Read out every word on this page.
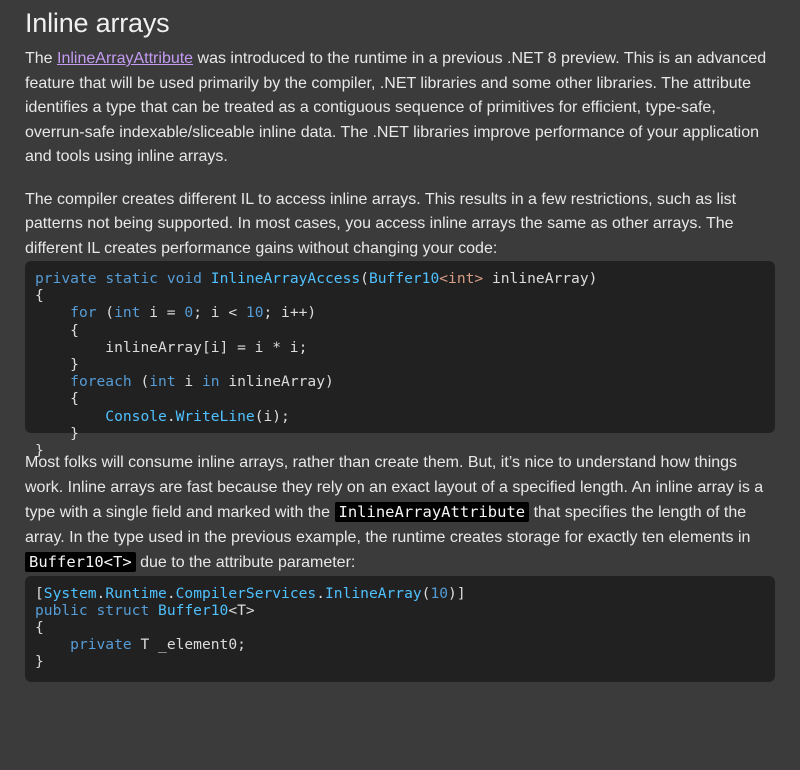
Inline arrays

The InlineArrayAttribute was introduced to the runtime in a previous .NET 8 preview. This is an advanced feature that will be used primarily by the compiler, .NET libraries and some other libraries. The attribute identifies a type that can be treated as a contiguous sequence of primitives for efficient, type-safe, overrun-safe indexable/sliceable inline data. The .NET libraries improve performance of your application and tools using inline arrays.

The compiler creates different IL to access inline arrays. This results in a few restrictions, such as list patterns not being supported. In most cases, you access inline arrays the same as other arrays. The different IL creates performance gains without changing your code:

private static void InlineArrayAccess(Buffer10<int> inlineArray)
{
for (int i = 0; i < 10; i++)
{
inlineArray[i] = i * i;
}
foreach (int i in inlineArray)
{
Console.WriteLine(i);
}
}

Most folks will consume inline arrays, rather than create them. But, it’s nice to understand how things work. Inline arrays are fast because they rely on an exact layout of a specified length. An inline array is a type with a single field and marked with the InlineArrayAttribute that specifies the length of the array. In the type used in the previous example, the runtime creates storage for exactly ten elements in Buffer10<T> due to the attribute parameter:

[System.Runtime.CompilerServices.InlineArray(10)]
public struct Buffer10<T>
{
private T _element0;
}
